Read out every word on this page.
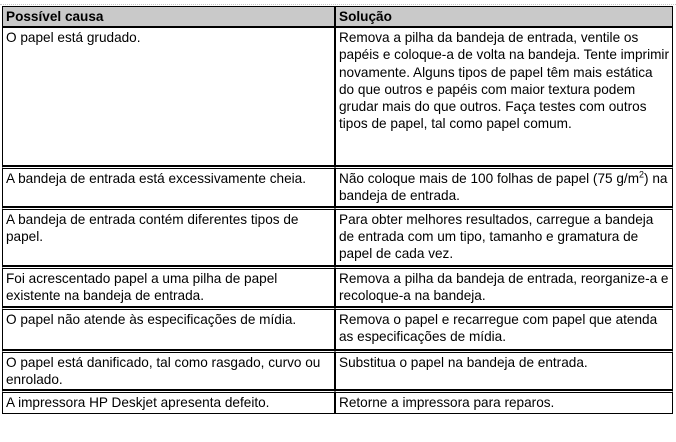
Possível causa	Solução

O papel está grudado.	Remova a pilha da bandeja de entrada, ventile os papéis e coloque-a de volta na bandeja. Tente imprimir novamente. Alguns tipos de papel têm mais estática do que outros e papéis com maior textura podem grudar mais do que outros. Faça testes com outros tipos de papel, tal como papel comum.

A bandeja de entrada está excessivamente cheia.	Não coloque mais de 100 folhas de papel (75 $g/m^2$) na bandeja de entrada.

A bandeja de entrada contém diferentes tipos de papel.	Para obter melhores resultados, carregue a bandeja de entrada com um tipo, tamanho e gramatura de papel de cada vez.

Foi acrescentado papel a uma pilha de papel existente na bandeja de entrada.	Remova a pilha da bandeja de entrada, reorganize-a e recoloque-a na bandeja.

O papel não atende às especificações de mídia.	Remova o papel e recarregue com papel que atenda as especificações de mídia.

O papel está danificado, tal como rasgado, curvo ou enrolado.	Substitua o papel na bandeja de entrada.

A impressora HP Deskjet apresenta defeito.	Retorne a impressora para reparos.
